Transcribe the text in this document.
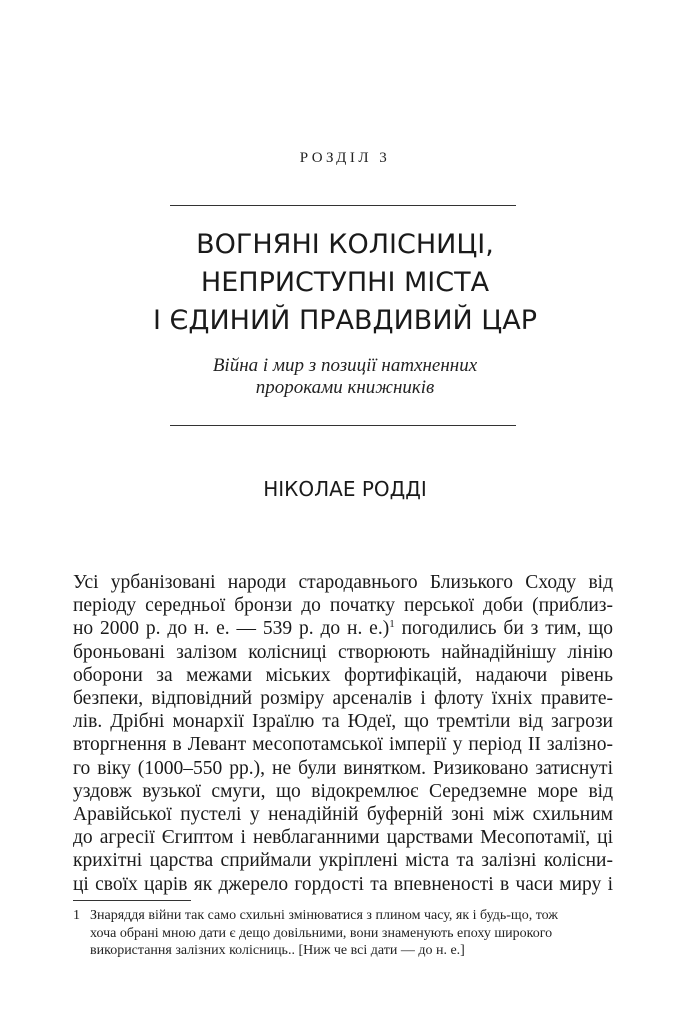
РОЗДІЛ 3
ВОГНЯНІ КОЛІСНИЦІ,
НЕПРИСТУПНІ МІСТА
І ЄДИНИЙ ПРАВДИВИЙ ЦАР
Війна і мир з позиції натхненних
пророками книжників
НІКОЛАЕ РОДДІ
Усі урбанізовані народи стародавнього Близького Сходу від
періоду середньої бронзи до початку перської доби (приблиз-
но 2000 р. до н. е. — 539 р. до н. е.)$^1$ погодились би з тим, що
броньовані залізом колісниці створюють найнадійнішу лінію
оборони за межами міських фортифікацій, надаючи рівень
безпеки, відповідний розміру арсеналів і флоту їхніх правите-
лів. Дрібні монархії Ізраїлю та Юдеї, що тремтіли від загрози
вторгнення в Левант месопотамської імперії у період II залізно-
го віку (1000–550 рр.), не були винятком. Ризиковано затиснуті
уздовж вузької смуги, що відокремлює Середземне море від
Аравійської пустелі у ненадійній буферній зоні між схильним
до агресії Єгиптом і невблаганними царствами Месопотамії, ці
крихітні царства сприймали укріплені міста та залізні колісни-
ці своїх царів як джерело гордості та впевненості в часи миру і
1 Знаряддя війни так само схильні змінюватися з плином часу, як і будь-що, тож
хоча обрані мною дати є дещо довільними, вони знаменують епоху широкого
використання залізних колісниць.. [Ниж че всі дати — до н. е.]
